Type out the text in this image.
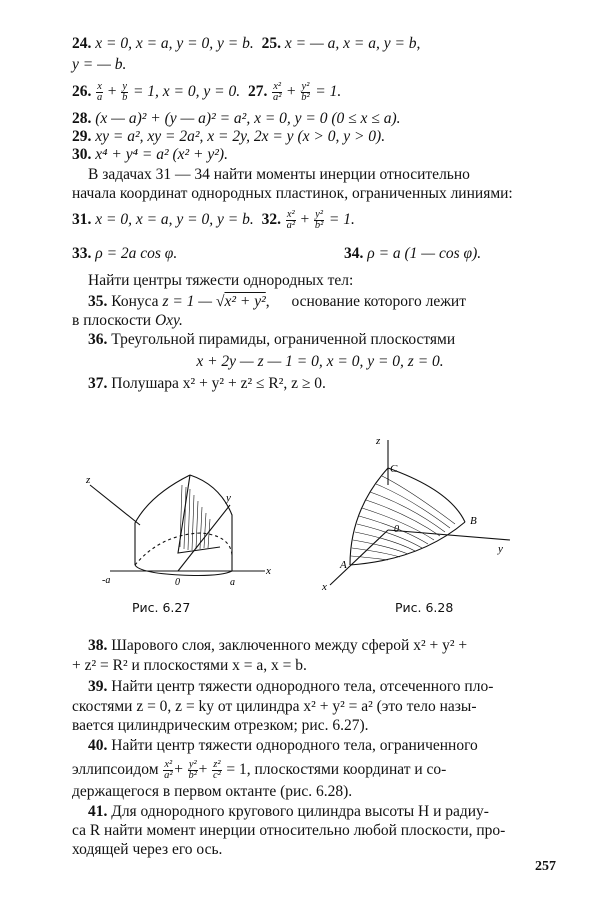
24. x = 0, x = a, y = 0, y = b. 25. x = — a, x = a, y = b,
y = — b.
26. $\frac{x}{a} + \frac{y}{b} = 1$, x = 0, y = 0. 27. $\frac{\text{x²}}{\text{a²}} + \frac{\text{y²}}{\text{b²}} = 1$.
28. (x — a)² + (y — a)² = a², x = 0, y = 0 (0 ≤ x ≤ a).
29. xy = a², xy = 2a², x = 2y, 2x = y (x > 0, y > 0).
30. x⁴ + y⁴ = a² (x² + y²).
В задачах 31 — 34 найти моменты инерции относительно
начала координат однородных пластинок, ограниченных линиями:
31. x = 0, x = a, y = 0, y = b. 32. $\frac{\text{x²}}{\text{a²}} + \frac{\text{y²}}{\text{b²}} = 1$.
33. ρ = 2a cos φ.	34. ρ = a (1 — cos φ).
Найти центры тяжести однородных тел:
35. Конуса z = 1 — √x² + y², основание которого лежит
в плоскости Oxy.
36. Треугольной пирамиды, ограниченной плоскостями
x + 2y — z — 1 = 0, x = 0, y = 0, z = 0.
37. Полушара x² + y² + z² ≤ R², z ≥ 0.
z
y
x
a
-a	0
Рис. 6.27
z
C
B
A
0
x
y
Рис. 6.28
38. Шарового слоя, заключенного между сферой x² + y² +
+ z² = R² и плоскостями x = a, x = b.
39. Найти центр тяжести однородного тела, отсеченного пло-
скостями z = 0, z = ky от цилиндра x² + y² = a² (это тело назы-
вается цилиндрическим отрезком; рис. 6.27).
40. Найти центр тяжести однородного тела, ограниченного
эллипсоидом $\frac{\text{x²}}{\text{a²}} + \frac{\text{y²}}{\text{b²}} + \frac{\text{z²}}{\text{c²}} = 1$, плоскостями координат и со-
держащегося в первом октанте (рис. 6.28).
41. Для однородного кругового цилиндра высоты H и радиу-
са R найти момент инерции относительно любой плоскости, про-
ходящей через его ось.
257
